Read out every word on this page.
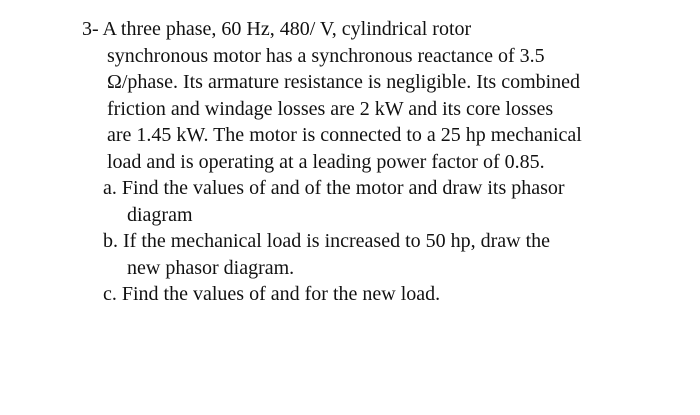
3- A three phase, 60 Hz, 480/ V, cylindrical rotor
synchronous motor has a synchronous reactance of 3.5
Ω/phase. Its armature resistance is negligible. Its combined
friction and windage losses are 2 kW and its core losses
are 1.45 kW. The motor is connected to a 25 hp mechanical
load and is operating at a leading power factor of 0.85.
a. Find the values of and of the motor and draw its phasor
diagram
b. If the mechanical load is increased to 50 hp, draw the
new phasor diagram.
c. Find the values of and for the new load.
